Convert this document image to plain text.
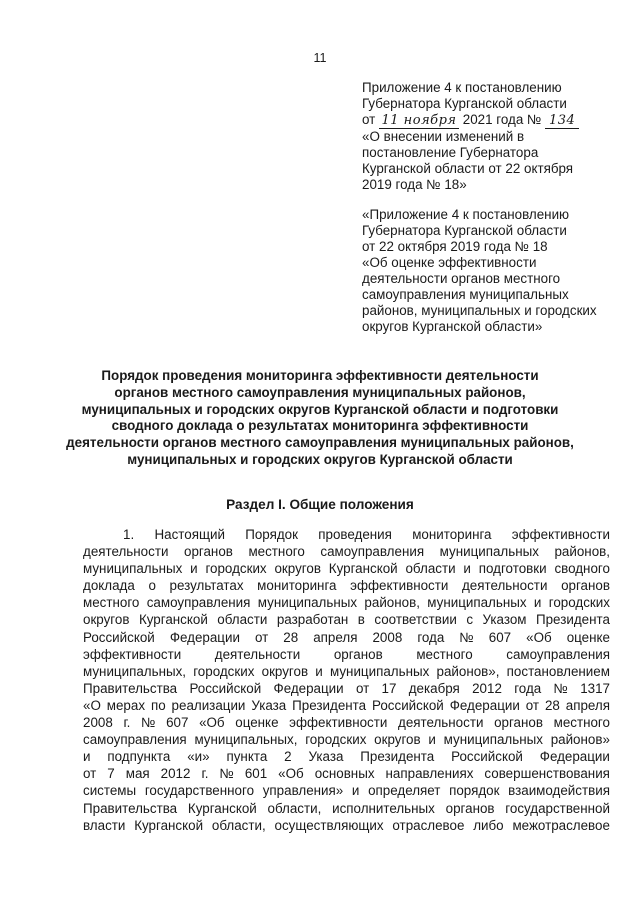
11
Приложение 4 к постановлению
Губернатора Курганской области
от 11 ноября 2021 года № 134
«О внесении изменений в
постановление Губернатора
Курганской области от 22 октября
2019 года № 18»
«Приложение 4 к постановлению
Губернатора Курганской области
от 22 октября 2019 года № 18
«Об оценке эффективности
деятельности органов местного
самоуправления муниципальных
районов, муниципальных и городских
округов Курганской области»
Порядок проведения мониторинга эффективности деятельности
органов местного самоуправления муниципальных районов,
муниципальных и городских округов Курганской области и подготовки
сводного доклада о результатах мониторинга эффективности
деятельности органов местного самоуправления муниципальных районов,
муниципальных и городских округов Курганской области
Раздел I. Общие положения
1. Настоящий Порядок проведения мониторинга эффективности
деятельности органов местного самоуправления муниципальных районов,
муниципальных и городских округов Курганской области и подготовки сводного
доклада о результатах мониторинга эффективности деятельности органов
местного самоуправления муниципальных районов, муниципальных и городских
округов Курганской области разработан в соответствии с Указом Президента
Российской Федерации от 28 апреля 2008 года № 607 «Об оценке
эффективности	деятельности	органов	местного	самоуправления
муниципальных, городских округов и муниципальных районов», постановлением
Правительства Российской Федерации от 17 декабря 2012 года № 1317
«О мерах по реализации Указа Президента Российской Федерации от 28 апреля
2008 г. № 607 «Об оценке эффективности деятельности органов местного
самоуправления муниципальных, городских округов и муниципальных районов»
и подпункта «и» пункта 2 Указа Президента Российской Федерации
от 7 мая 2012 г. № 601 «Об основных направлениях совершенствования
системы государственного управления» и определяет порядок взаимодействия
Правительства Курганской области, исполнительных органов государственной
власти Курганской области, осуществляющих отраслевое либо межотраслевое
